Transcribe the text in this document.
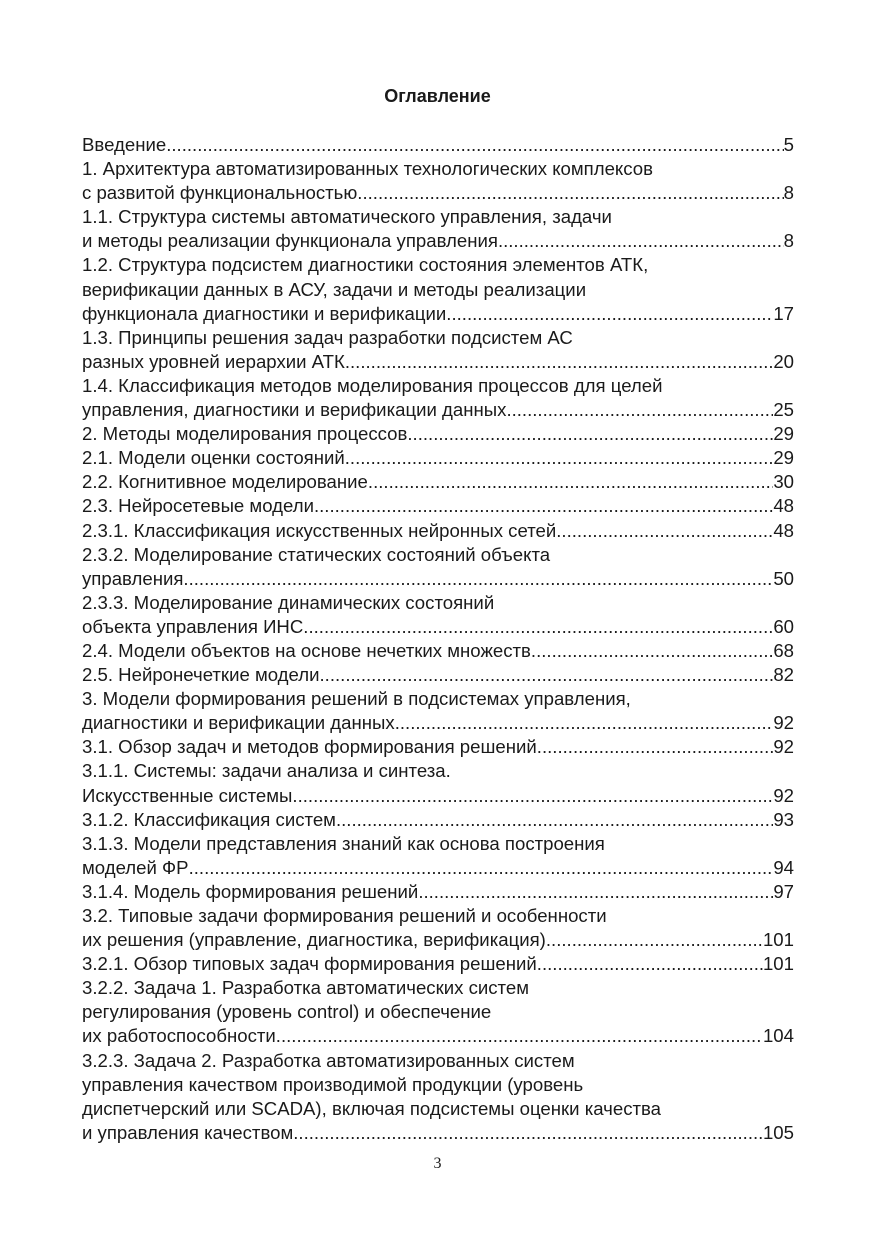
Оглавление
Введение .....	5
1. Архитектура автоматизированных технологических комплексов
с развитой функциональностью .....	8
1.1. Структура системы автоматического управления, задачи
и методы реализации функционала управления .....	8
1.2. Структура подсистем диагностики состояния элементов АТК,
верификации данных в АСУ, задачи и методы реализации
функционала диагностики и верификации .....	17
1.3. Принципы решения задач разработки подсистем АС
разных уровней иерархии АТК .....	20
1.4. Классификация методов моделирования процессов для целей
управления, диагностики и верификации данных .....	25
2. Методы моделирования процессов .....	29
2.1. Модели оценки состояний .....	29
2.2. Когнитивное моделирование .....	30
2.3. Нейросетевые модели .....	48
2.3.1. Классификация искусственных нейронных сетей .....	48
2.3.2. Моделирование статических состояний объекта
управления .....	50
2.3.3. Моделирование динамических состояний
объекта управления ИНС .....	60
2.4. Модели объектов на основе нечетких множеств .....	68
2.5. Нейронечеткие модели .....	82
3. Модели формирования решений в подсистемах управления,
диагностики и верификации данных .....	92
3.1. Обзор задач и методов формирования решений .....	92
3.1.1. Системы: задачи анализа и синтеза.
Искусственные системы .....	92
3.1.2. Классификация систем .....	93
3.1.3. Модели представления знаний как основа построения
моделей ФР .....	94
3.1.4. Модель формирования решений .....	97
3.2. Типовые задачи формирования решений и особенности
их решения (управление, диагностика, верификация) .....	101
3.2.1. Обзор типовых задач формирования решений .....	101
3.2.2. Задача 1. Разработка автоматических систем
регулирования (уровень control) и обеспечение
их работоспособности .....	104
3.2.3. Задача 2. Разработка автоматизированных систем
управления качеством производимой продукции (уровень
диспетчерский или SCADA), включая подсистемы оценки качества
и управления качеством .....	105
3
